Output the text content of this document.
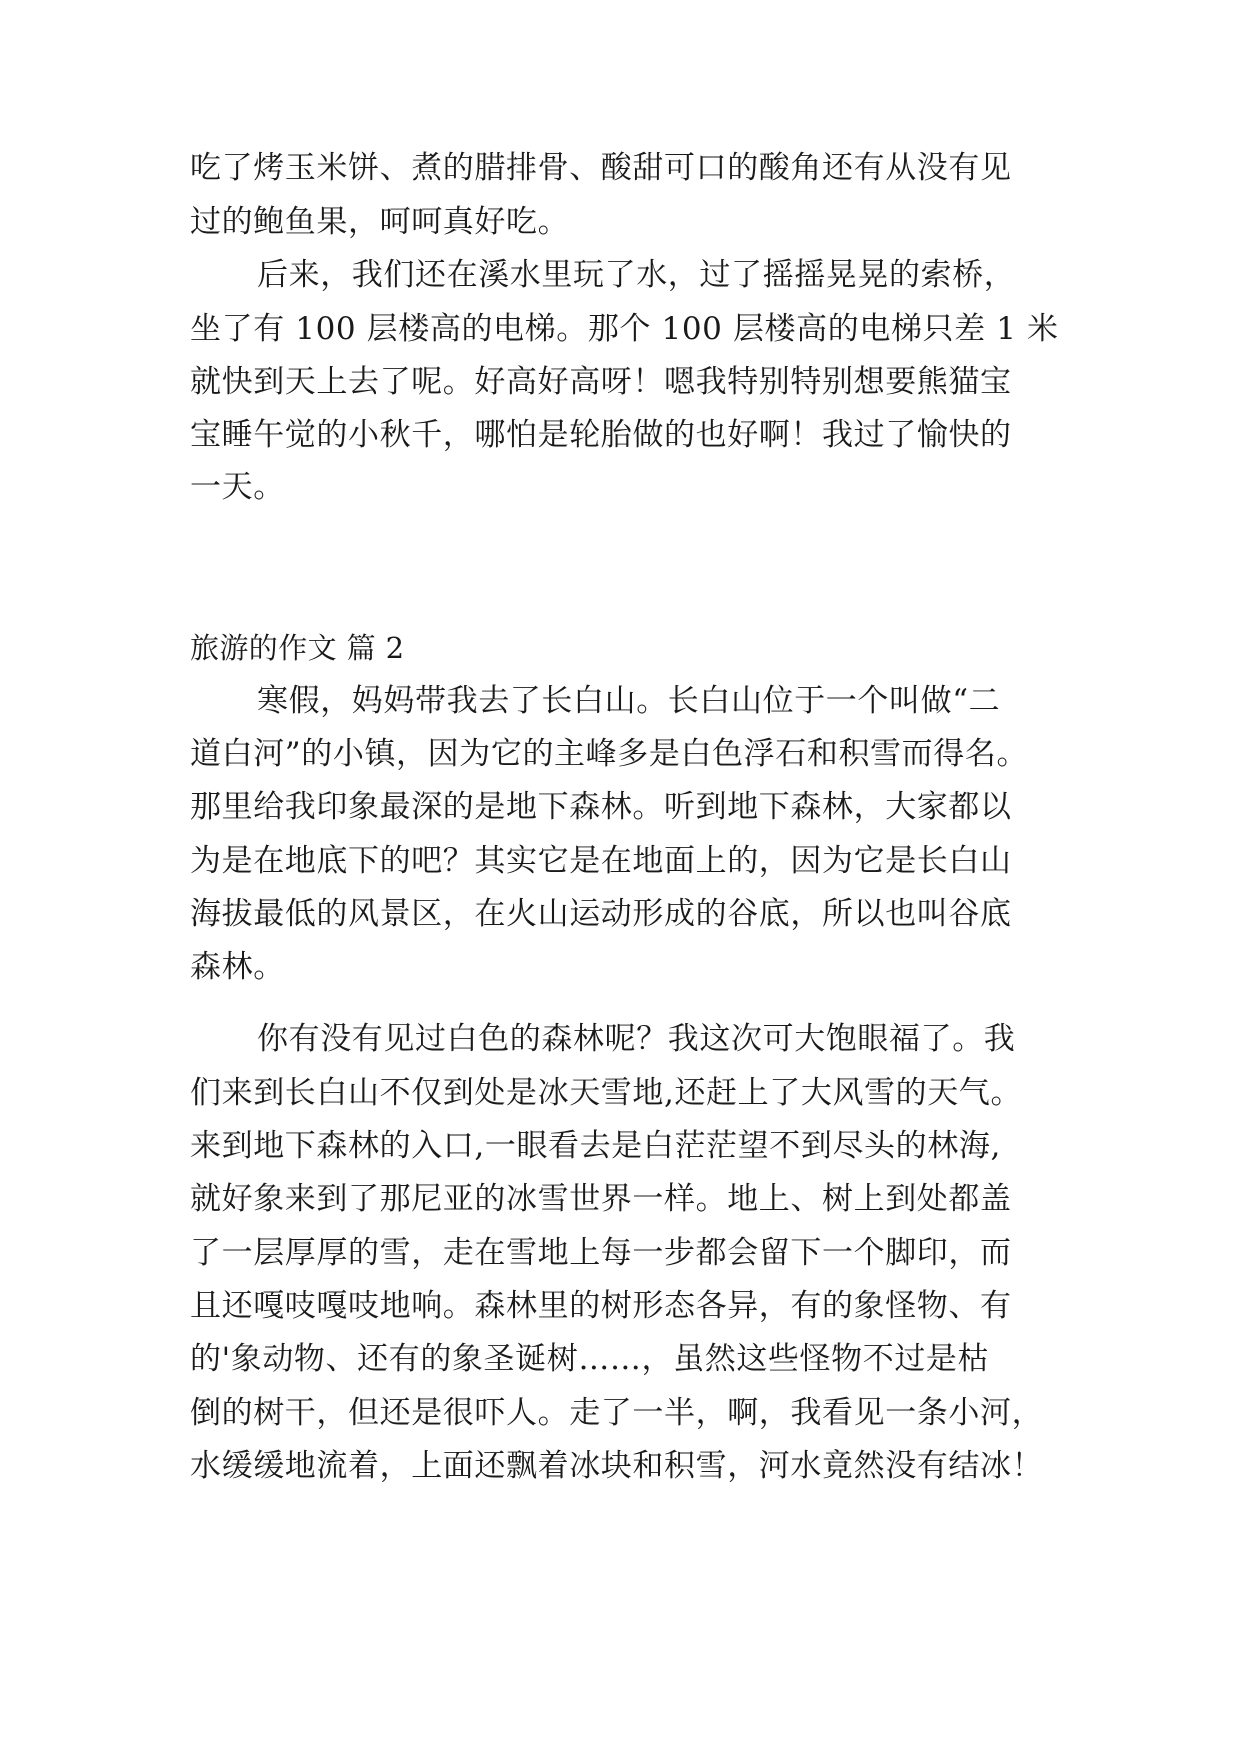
吃了烤玉米饼、煮的腊排骨、酸甜可口的酸角还有从没有见
过的鲍鱼果，呵呵真好吃。
后来，我们还在溪水里玩了水，过了摇摇晃晃的索桥，
坐了有 100 层楼高的电梯。那个 100 层楼高的电梯只差 1 米
就快到天上去了呢。好高好高呀！嗯我特别特别想要熊猫宝
宝睡午觉的小秋千，哪怕是轮胎做的也好啊！我过了愉快的
一天。
旅游的作文 篇 2
寒假，妈妈带我去了长白山。长白山位于一个叫做“二
道白河”的小镇，因为它的主峰多是白色浮石和积雪而得名。
那里给我印象最深的是地下森林。听到地下森林，大家都以
为是在地底下的吧？其实它是在地面上的，因为它是长白山
海拔最低的风景区，在火山运动形成的谷底，所以也叫谷底
森林。
你有没有见过白色的森林呢？我这次可大饱眼福了。我
们来到长白山不仅到处是冰天雪地,还赶上了大风雪的天气。
来到地下森林的入口,一眼看去是白茫茫望不到尽头的林海,
就好象来到了那尼亚的冰雪世界一样。地上、树上到处都盖
了一层厚厚的雪，走在雪地上每一步都会留下一个脚印，而
且还嘎吱嘎吱地响。森林里的树形态各异，有的象怪物、有
的'象动物、还有的象圣诞树……，虽然这些怪物不过是枯
倒的树干，但还是很吓人。走了一半，啊，我看见一条小河，
水缓缓地流着，上面还飘着冰块和积雪，河水竟然没有结冰！
